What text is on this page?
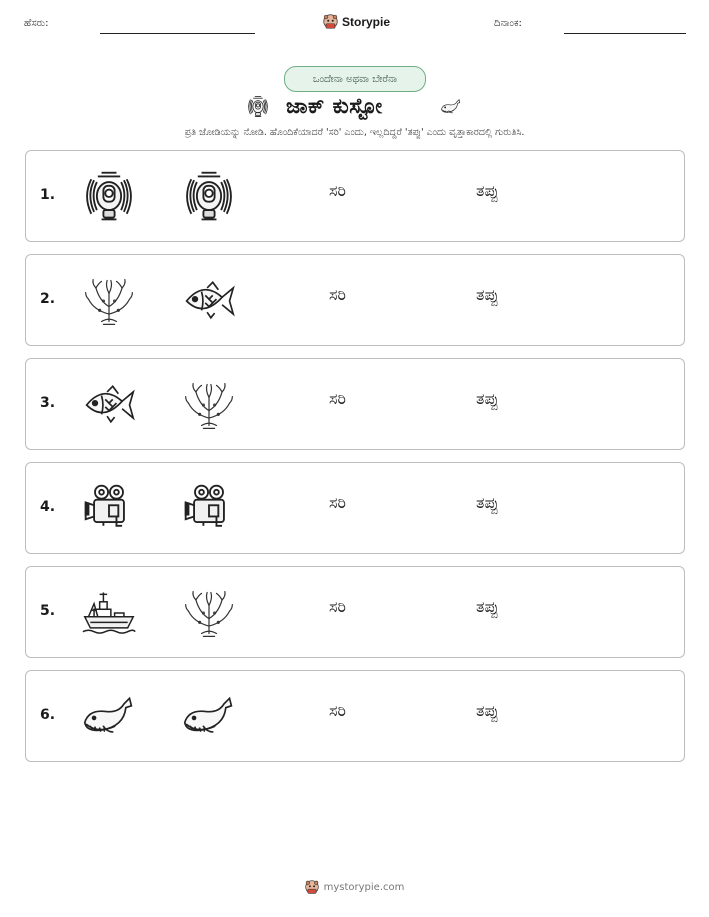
ಹೆಸರು:	Storypie	ದಿನಾಂಕ:
ಒಂದೇನಾ ಅಥವಾ ಬೇರೆನಾ
ಜಾಕ್ ಕುಸ್ಟೋ
ಪ್ರತಿ ಜೋಡಿಯನ್ನು ನೋಡಿ. ಹೊಂದಿಕೆಯಾದರೆ 'ಸರಿ' ಎಂದು, ಇಲ್ಲದಿದ್ದರೆ 'ತಪ್ಪು' ಎಂದು ವೃತ್ತಾಕಾರದಲ್ಲಿ ಗುರುತಿಸಿ.
1.	ಸರಿ	ತಪ್ಪು
2.	ಸರಿ	ತಪ್ಪು
3.	ಸರಿ	ತಪ್ಪು
4.	ಸರಿ	ತಪ್ಪು
5.	ಸರಿ	ತಪ್ಪು
6.	ಸರಿ	ತಪ್ಪು
mystorypie.com
